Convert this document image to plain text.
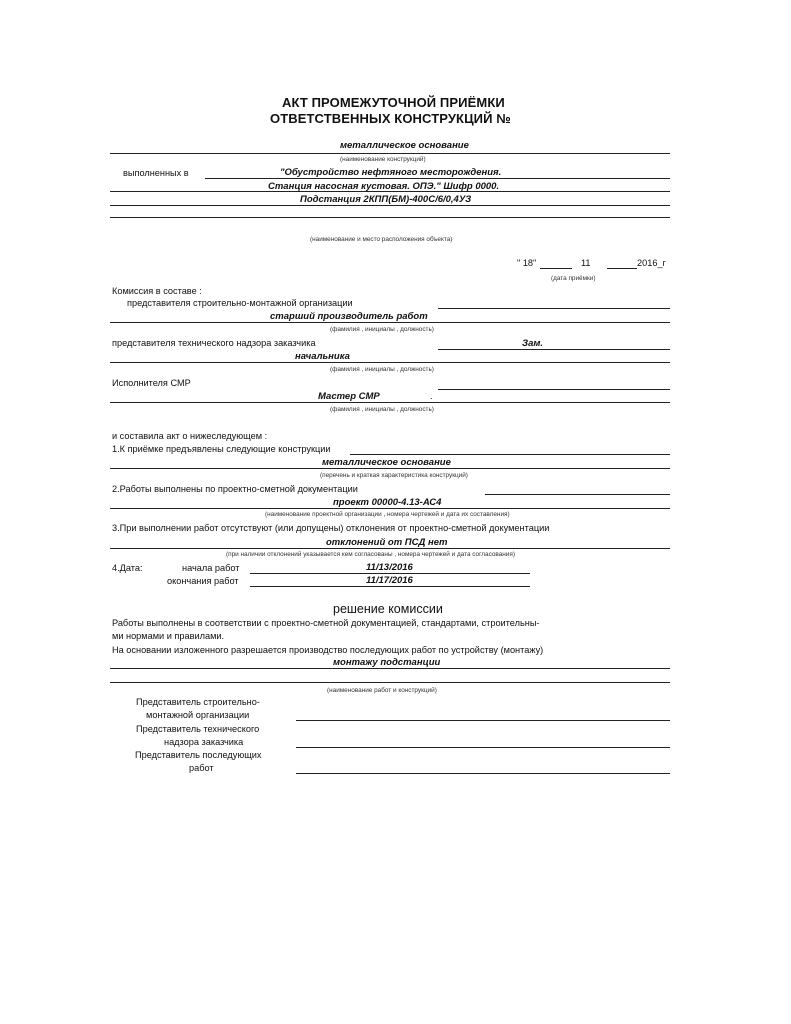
АКТ ПРОМЕЖУТОЧНОЙ ПРИЁМКИ
ОТВЕТСТВЕННЫХ КОНСТРУКЦИЙ №
металлическое основание
(наименование конструкций)
выполненных в	"Обустройство нефтяного месторождения.
Станция насосная кустовая. ОПЭ." Шифр 0000.
Подстанция 2КПП(БМ)-400С/6/0,4УЗ
(наименование и место расположения объекта)
" 18"	11	2016_г
(дата приёмки)
Комиссия в составе :
представителя строительно-монтажной организации
старший производитель работ
(фамилия , инициалы , должность)
представителя технического надзора заказчика	Зам.
начальника
(фамилия , инициалы , должность)
Исполнителя СМР
Мастер СМР	.
(фамилия , инициалы , должность)
и составила акт о нижеследующем :
1.К приёмке предъявлены следующие конструкции
металлическое основание
(перечень и краткая характеристика конструкций)
2.Работы выполнены по проектно-сметной документации
проект 00000-4.13-АС4
(наименование проектной организации , номера чертежей и дата их составления)
3.При выполнении работ отсутствуют (или допущены) отклонения от проектно-сметной документации
отклонений от ПСД нет
(при наличии отклонений указывается кем согласованы , номера чертежей и дата согласования)
4.Дата:	начала работ	11/13/2016
окончания работ	11/17/2016
решение комиссии
Работы выполнены в соответствии с проектно-сметной документацией, стандартами, строительны-
ми нормами и правилами.
На основании изложенного разрешается производство последующих работ по устройству (монтажу)
монтажу подстанции
(наименование работ и конструкций)
Представитель строительно-
монтажной организации
Представитель технического
надзора заказчика
Представитель последующих
работ
